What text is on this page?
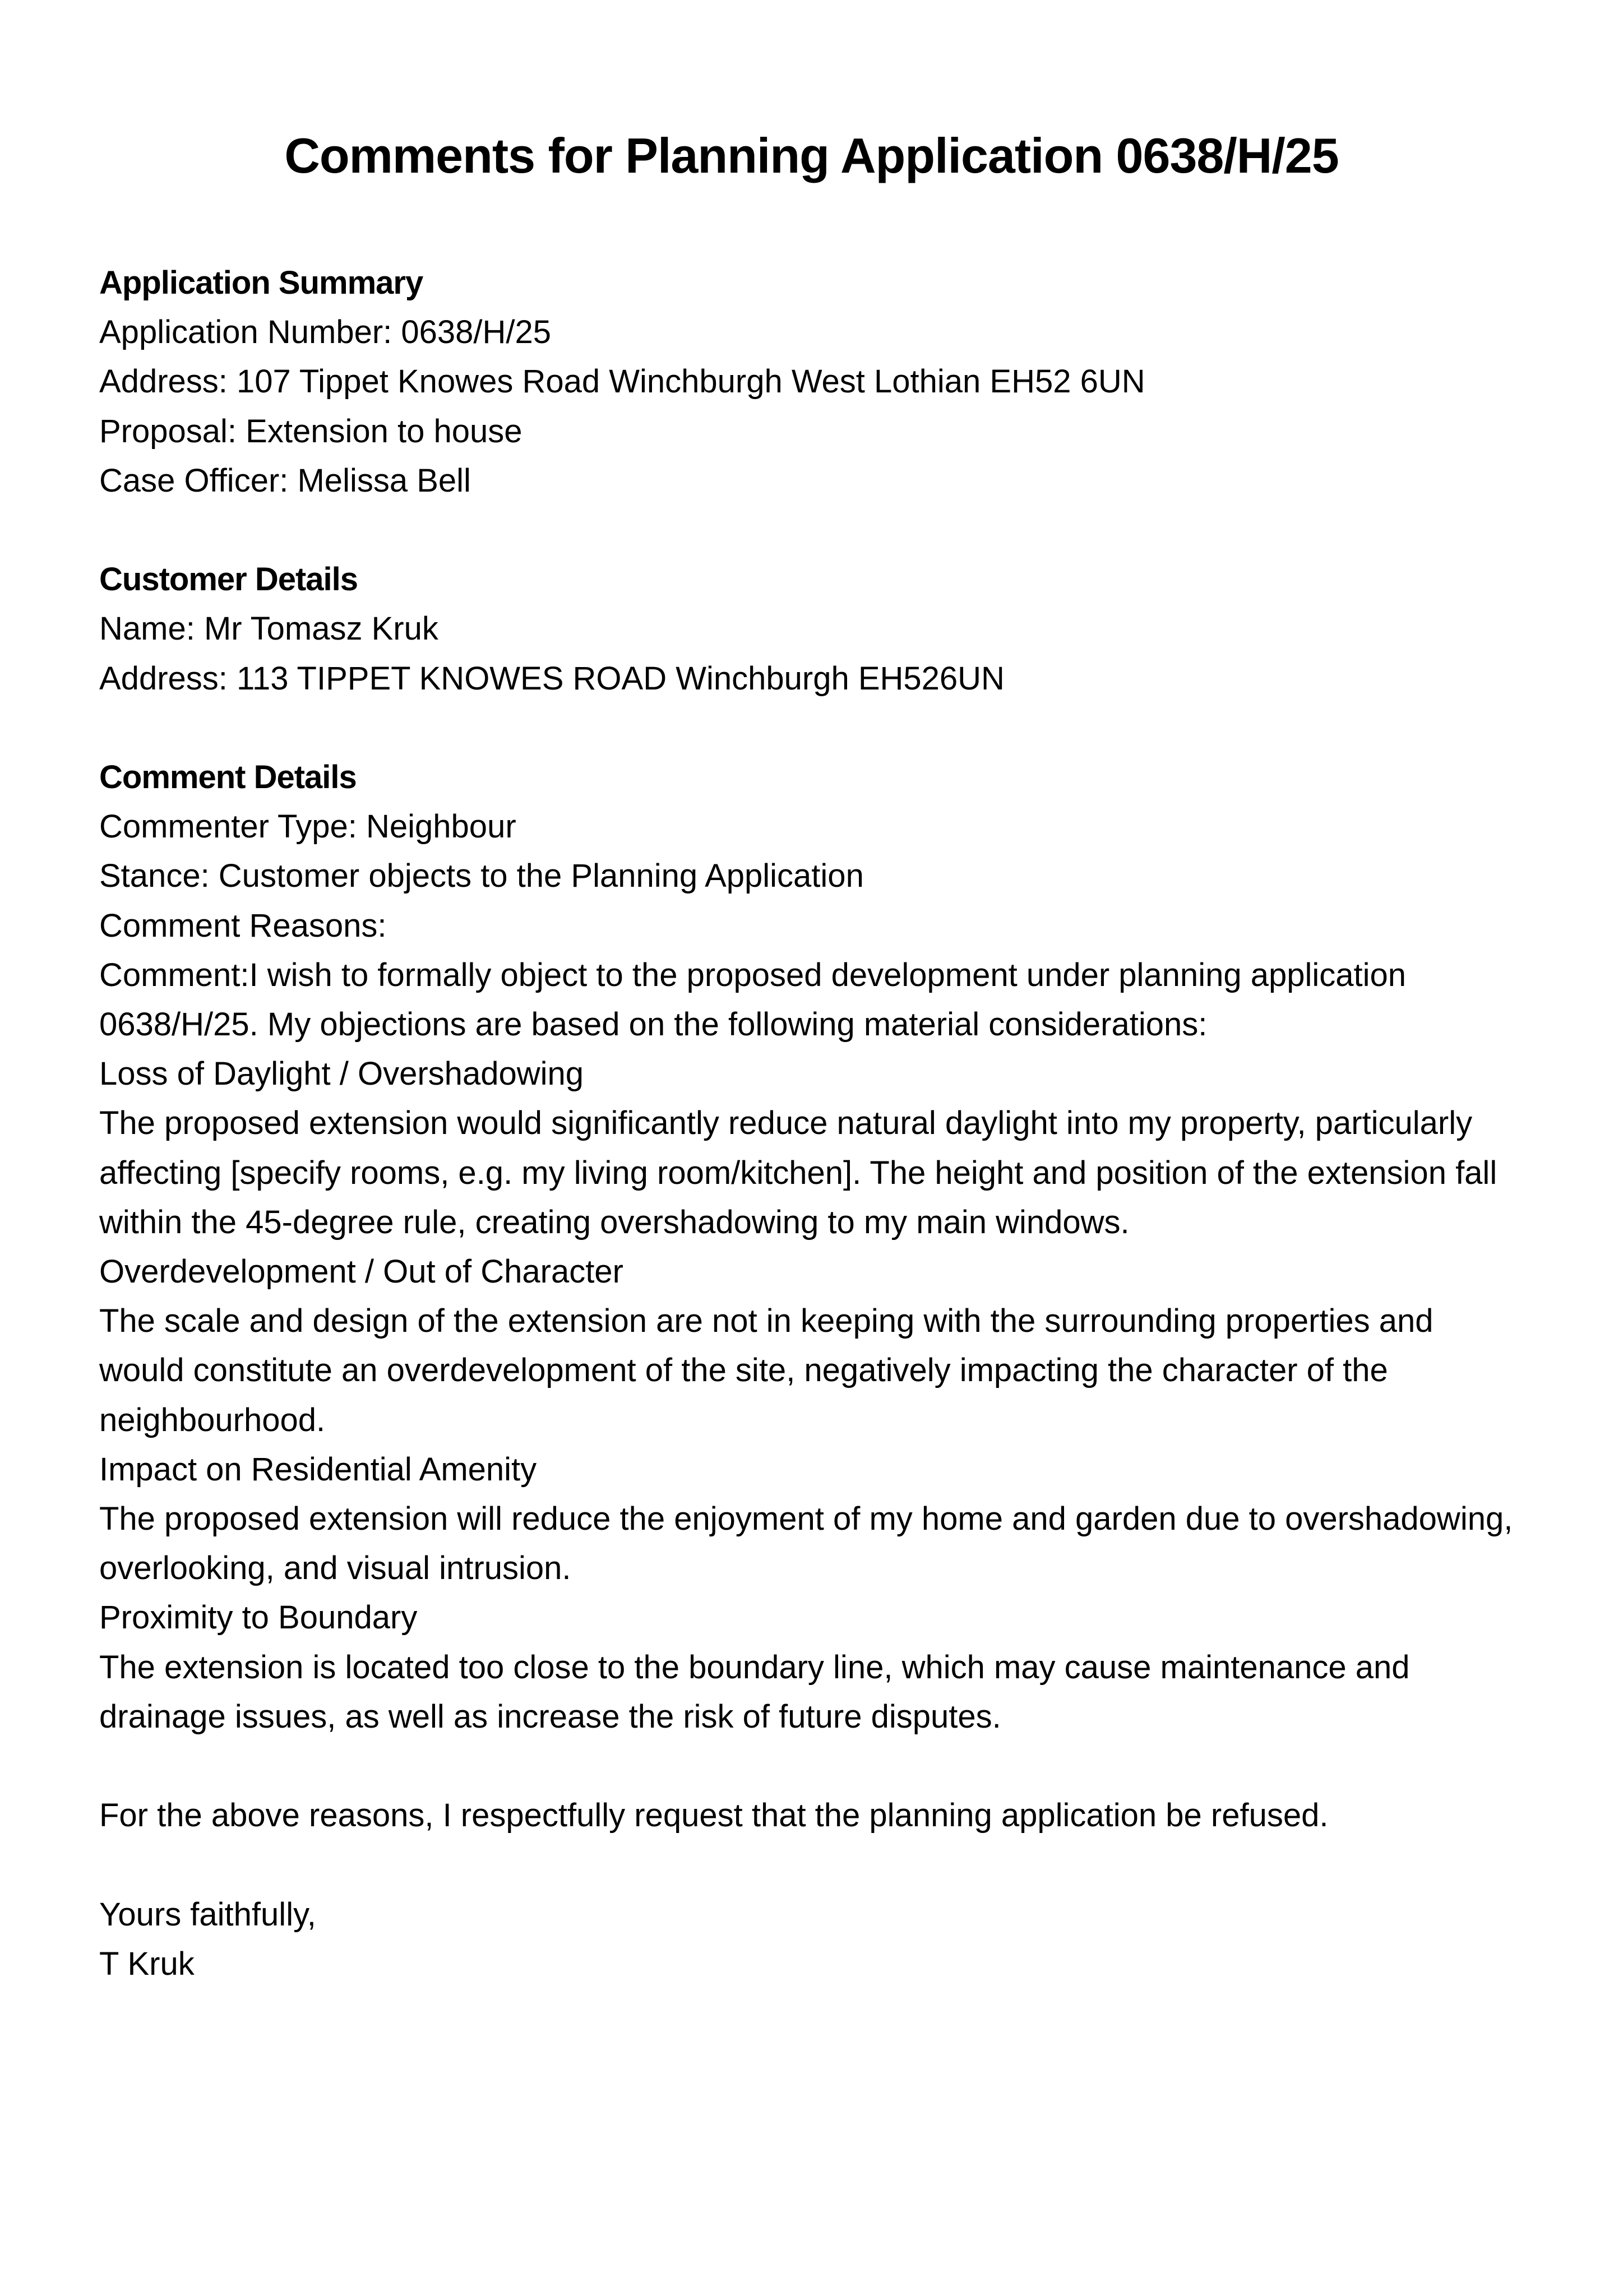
Comments for Planning Application 0638/H/25

Application Summary

Application Number: 0638/H/25

Address: 107 Tippet Knowes Road Winchburgh West Lothian EH52 6UN

Proposal: Extension to house

Case Officer: Melissa Bell

Customer Details

Name: Mr Tomasz Kruk

Address: 113 TIPPET KNOWES ROAD Winchburgh EH526UN

Comment Details

Commenter Type: Neighbour

Stance: Customer objects to the Planning Application

Comment Reasons:

Comment:I wish to formally object to the proposed development under planning application

0638/H/25. My objections are based on the following material considerations:

Loss of Daylight / Overshadowing

The proposed extension would significantly reduce natural daylight into my property, particularly

affecting [specify rooms, e.g. my living room/kitchen]. The height and position of the extension fall

within the 45-degree rule, creating overshadowing to my main windows.

Overdevelopment / Out of Character

The scale and design of the extension are not in keeping with the surrounding properties and

would constitute an overdevelopment of the site, negatively impacting the character of the

neighbourhood.

Impact on Residential Amenity

The proposed extension will reduce the enjoyment of my home and garden due to overshadowing,

overlooking, and visual intrusion.

Proximity to Boundary

The extension is located too close to the boundary line, which may cause maintenance and

drainage issues, as well as increase the risk of future disputes.

For the above reasons, I respectfully request that the planning application be refused.

Yours faithfully,

T Kruk
